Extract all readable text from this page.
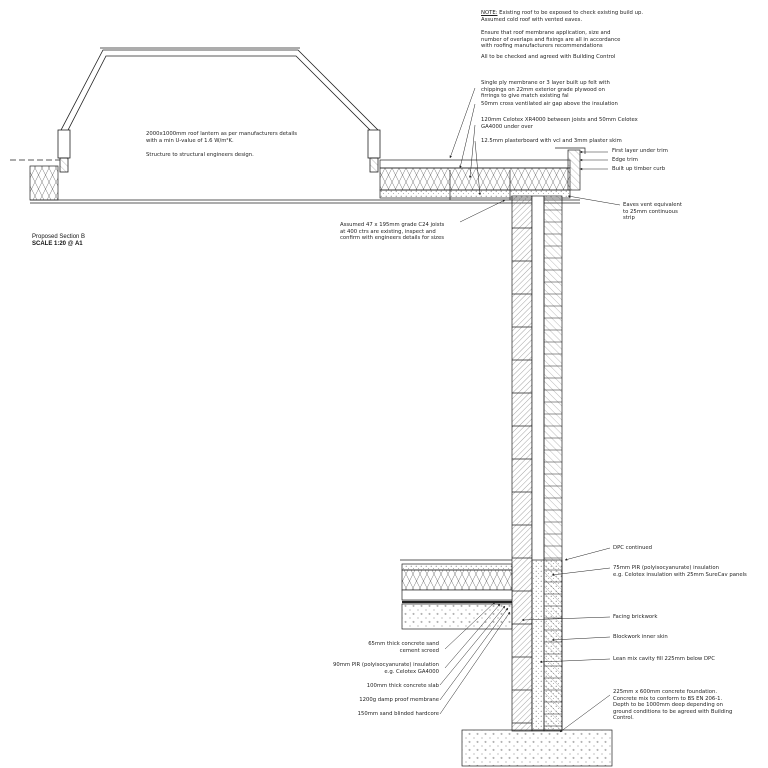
NOTE: Existing roof to be exposed to check existing build up.
Assumed cold roof with vented eaves.
Ensure that roof membrane application, size and
number of overlaps and fixings are all in accordance
with roofing manufacturers recommendations
All to be checked and agreed with Building Control
Single ply membrane or 3 layer built up felt with
chippings on 22mm exterior grade plywood on
firrings to give match existing fal
50mm cross ventilated air gap above the insulation
120mm Celotex XR4000 between joists and 50mm Celotex
GA4000 under over
12.5mm plasterboard with vcl and 3mm plaster skim
First layer under trim
Edge trim
Built up timber curb
Eaves vent equivalent
to 25mm continuous
strip
Assumed 47 x 195mm grade C24 joists
at 400 ctrs are existing, inspect and
confirm with engineers details for sizes
2000x1000mm roof lantern as per manufacturers details
with a min U-value of 1.6 W/m²K.
Structure to structural engineers design.
Proposed Section B
SCALE 1:20 @ A1
DPC continued
75mm PIR (polyisocyanurate) insulation
e.g. Celotex insulation with 25mm SureCav panels
Facing brickwork
Blockwork inner skin
Lean mix cavity fill 225mm below DPC
225mm x 600mm concrete foundation.
Concrete mix to conform to BS EN 206-1.
Depth to be 1000mm deep depending on
ground conditions to be agreed with Building
Control.
65mm thick concrete sand
cement screed
90mm PIR (polyisocyanurate) insulation
e.g. Celotex GA4000
100mm thick concrete slab
1200g damp proof membrane
150mm sand blinded hardcore
